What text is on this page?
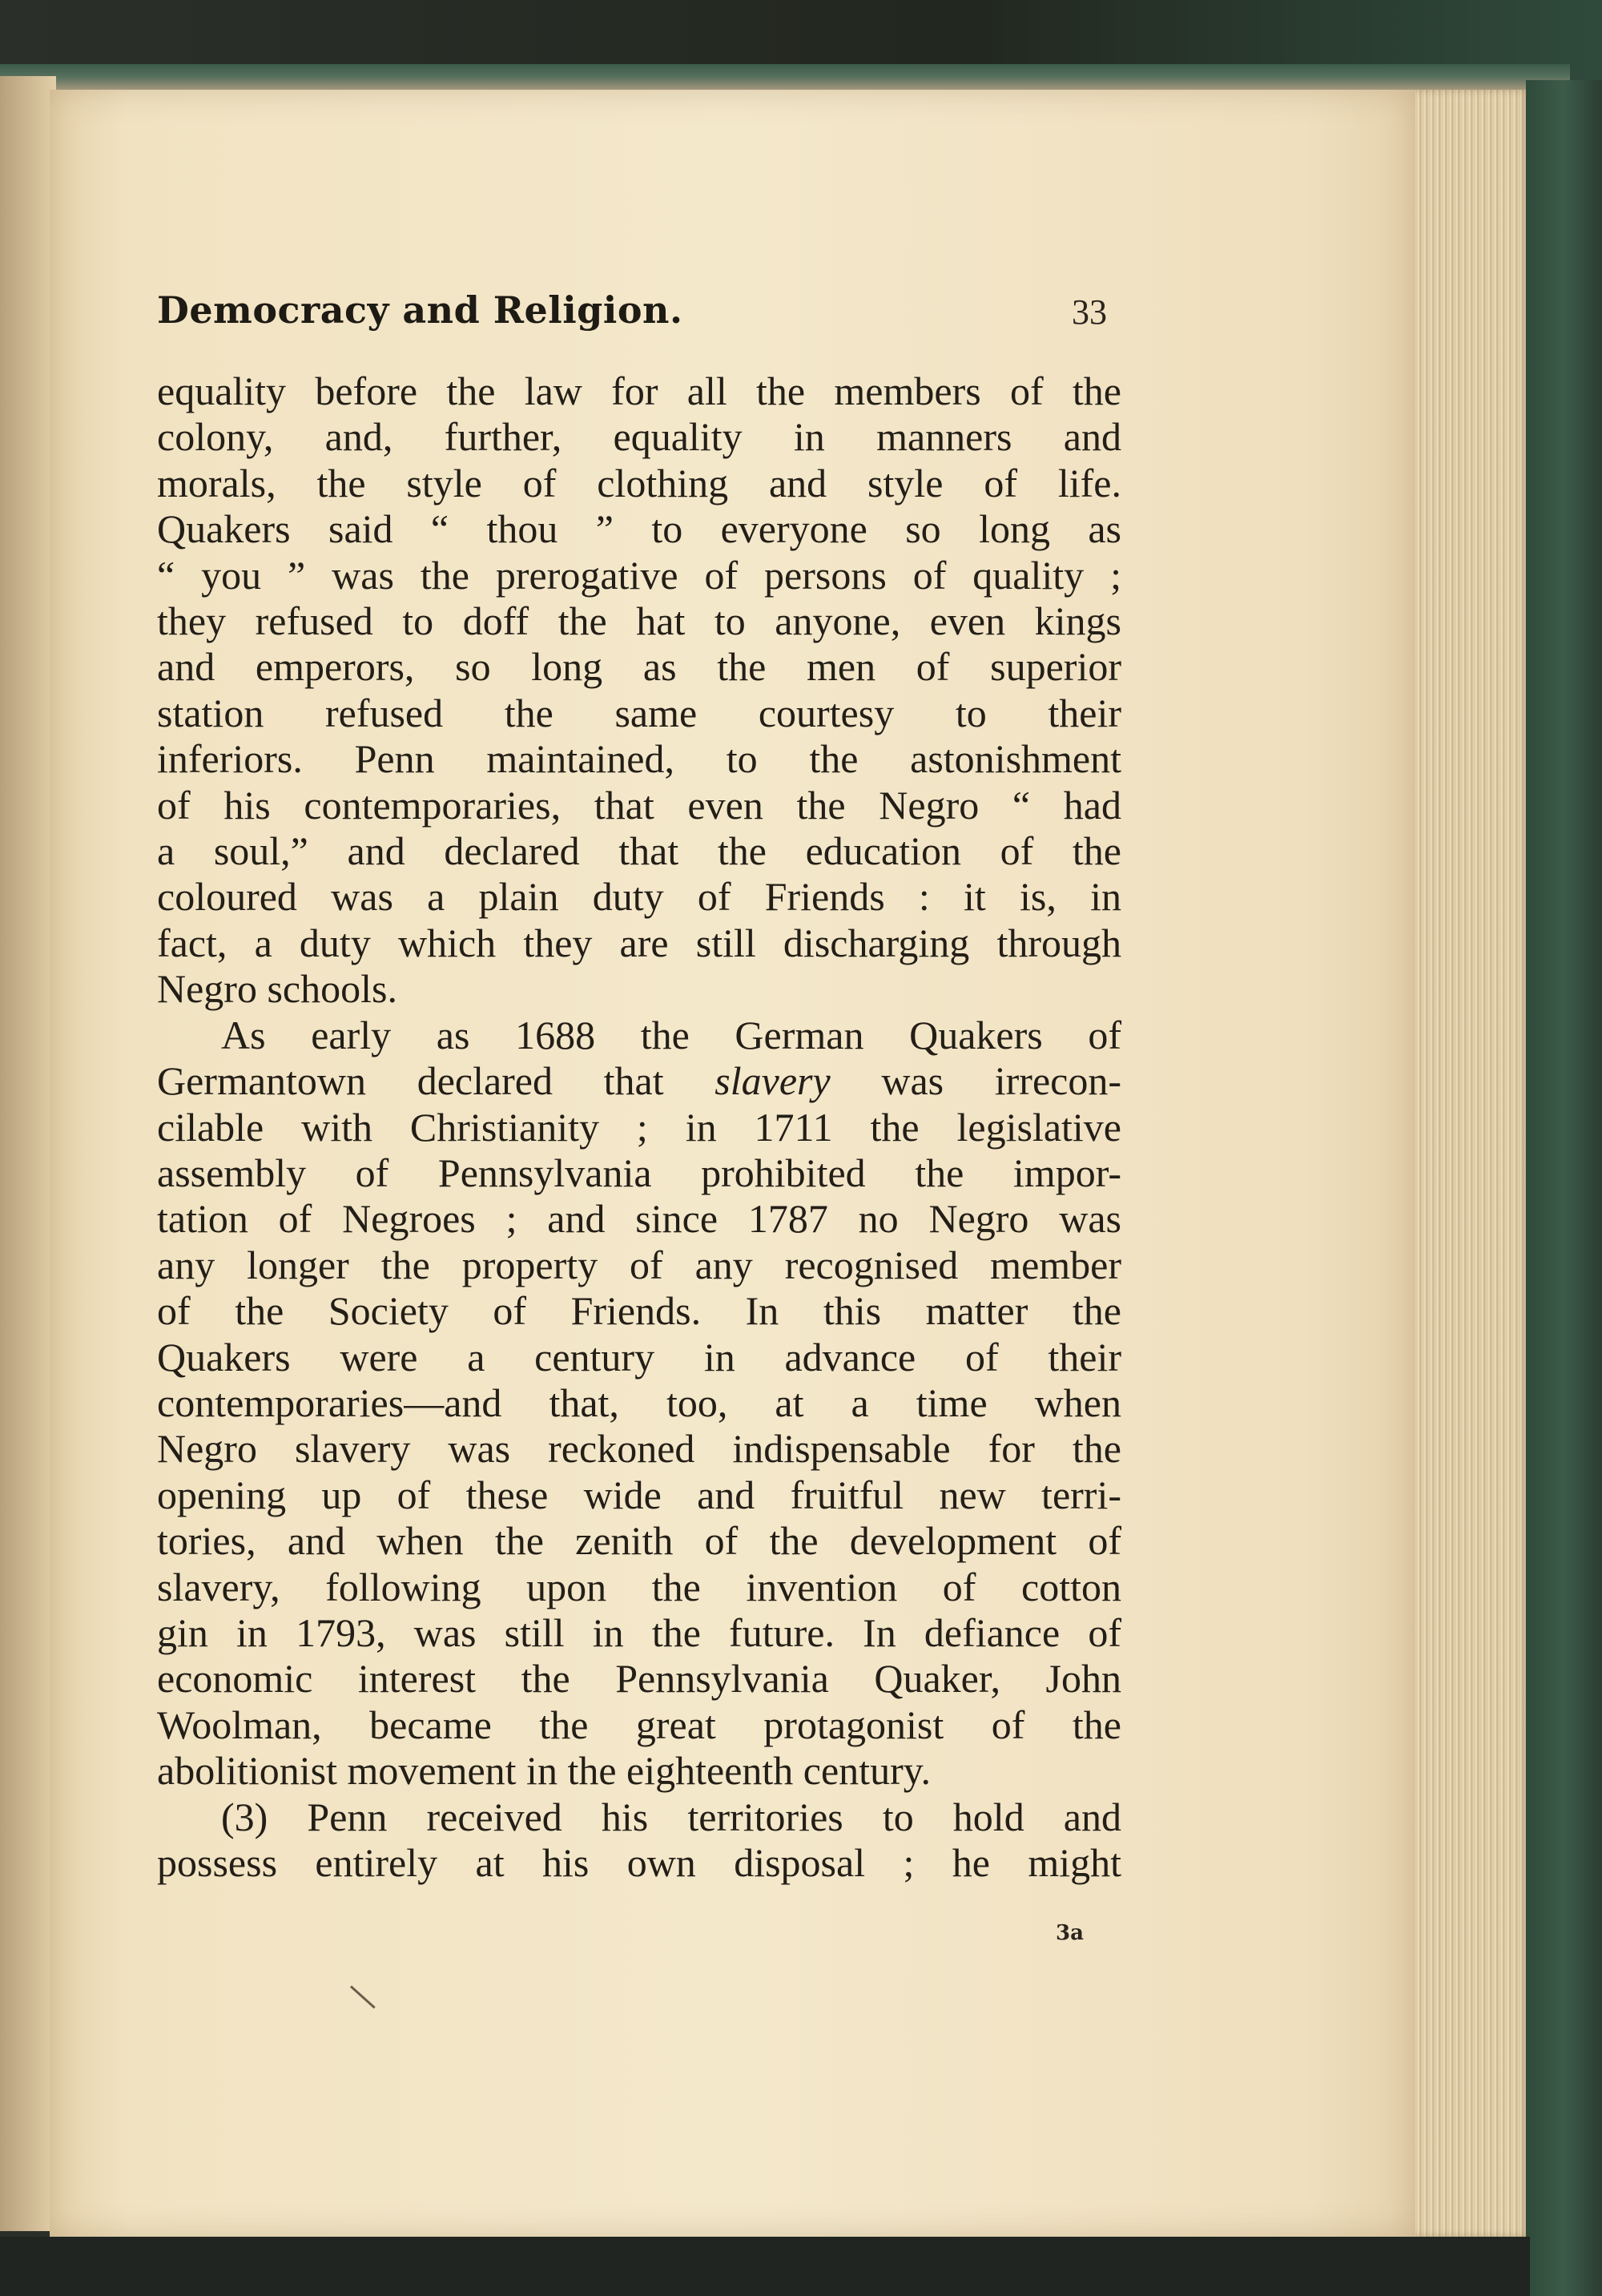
Democracy and Religion.	33

equality before the law for all the members of the
colony, and, further, equality in manners and
morals, the style of clothing and style of life.
Quakers said “ thou ” to everyone so long as
“ you ” was the prerogative of persons of quality ;
they refused to doff the hat to anyone, even kings
and emperors, so long as the men of superior
station refused the same courtesy to their
inferiors. Penn maintained, to the astonishment
of his contemporaries, that even the Negro “ had
a soul,” and declared that the education of the
coloured was a plain duty of Friends : it is, in
fact, a duty which they are still discharging through
Negro schools.

As early as 1688 the German Quakers of
Germantown declared that slavery was irrecon-
cilable with Christianity ; in 1711 the legislative
assembly of Pennsylvania prohibited the impor-
tation of Negroes ; and since 1787 no Negro was
any longer the property of any recognised member
of the Society of Friends. In this matter the
Quakers were a century in advance of their
contemporaries—and that, too, at a time when
Negro slavery was reckoned indispensable for the
opening up of these wide and fruitful new terri-
tories, and when the zenith of the development of
slavery, following upon the invention of cotton
gin in 1793, was still in the future. In defiance of
economic interest the Pennsylvania Quaker, John
Woolman, became the great protagonist of the
abolitionist movement in the eighteenth century.

(3) Penn received his territories to hold and
possess entirely at his own disposal ; he might

3a
